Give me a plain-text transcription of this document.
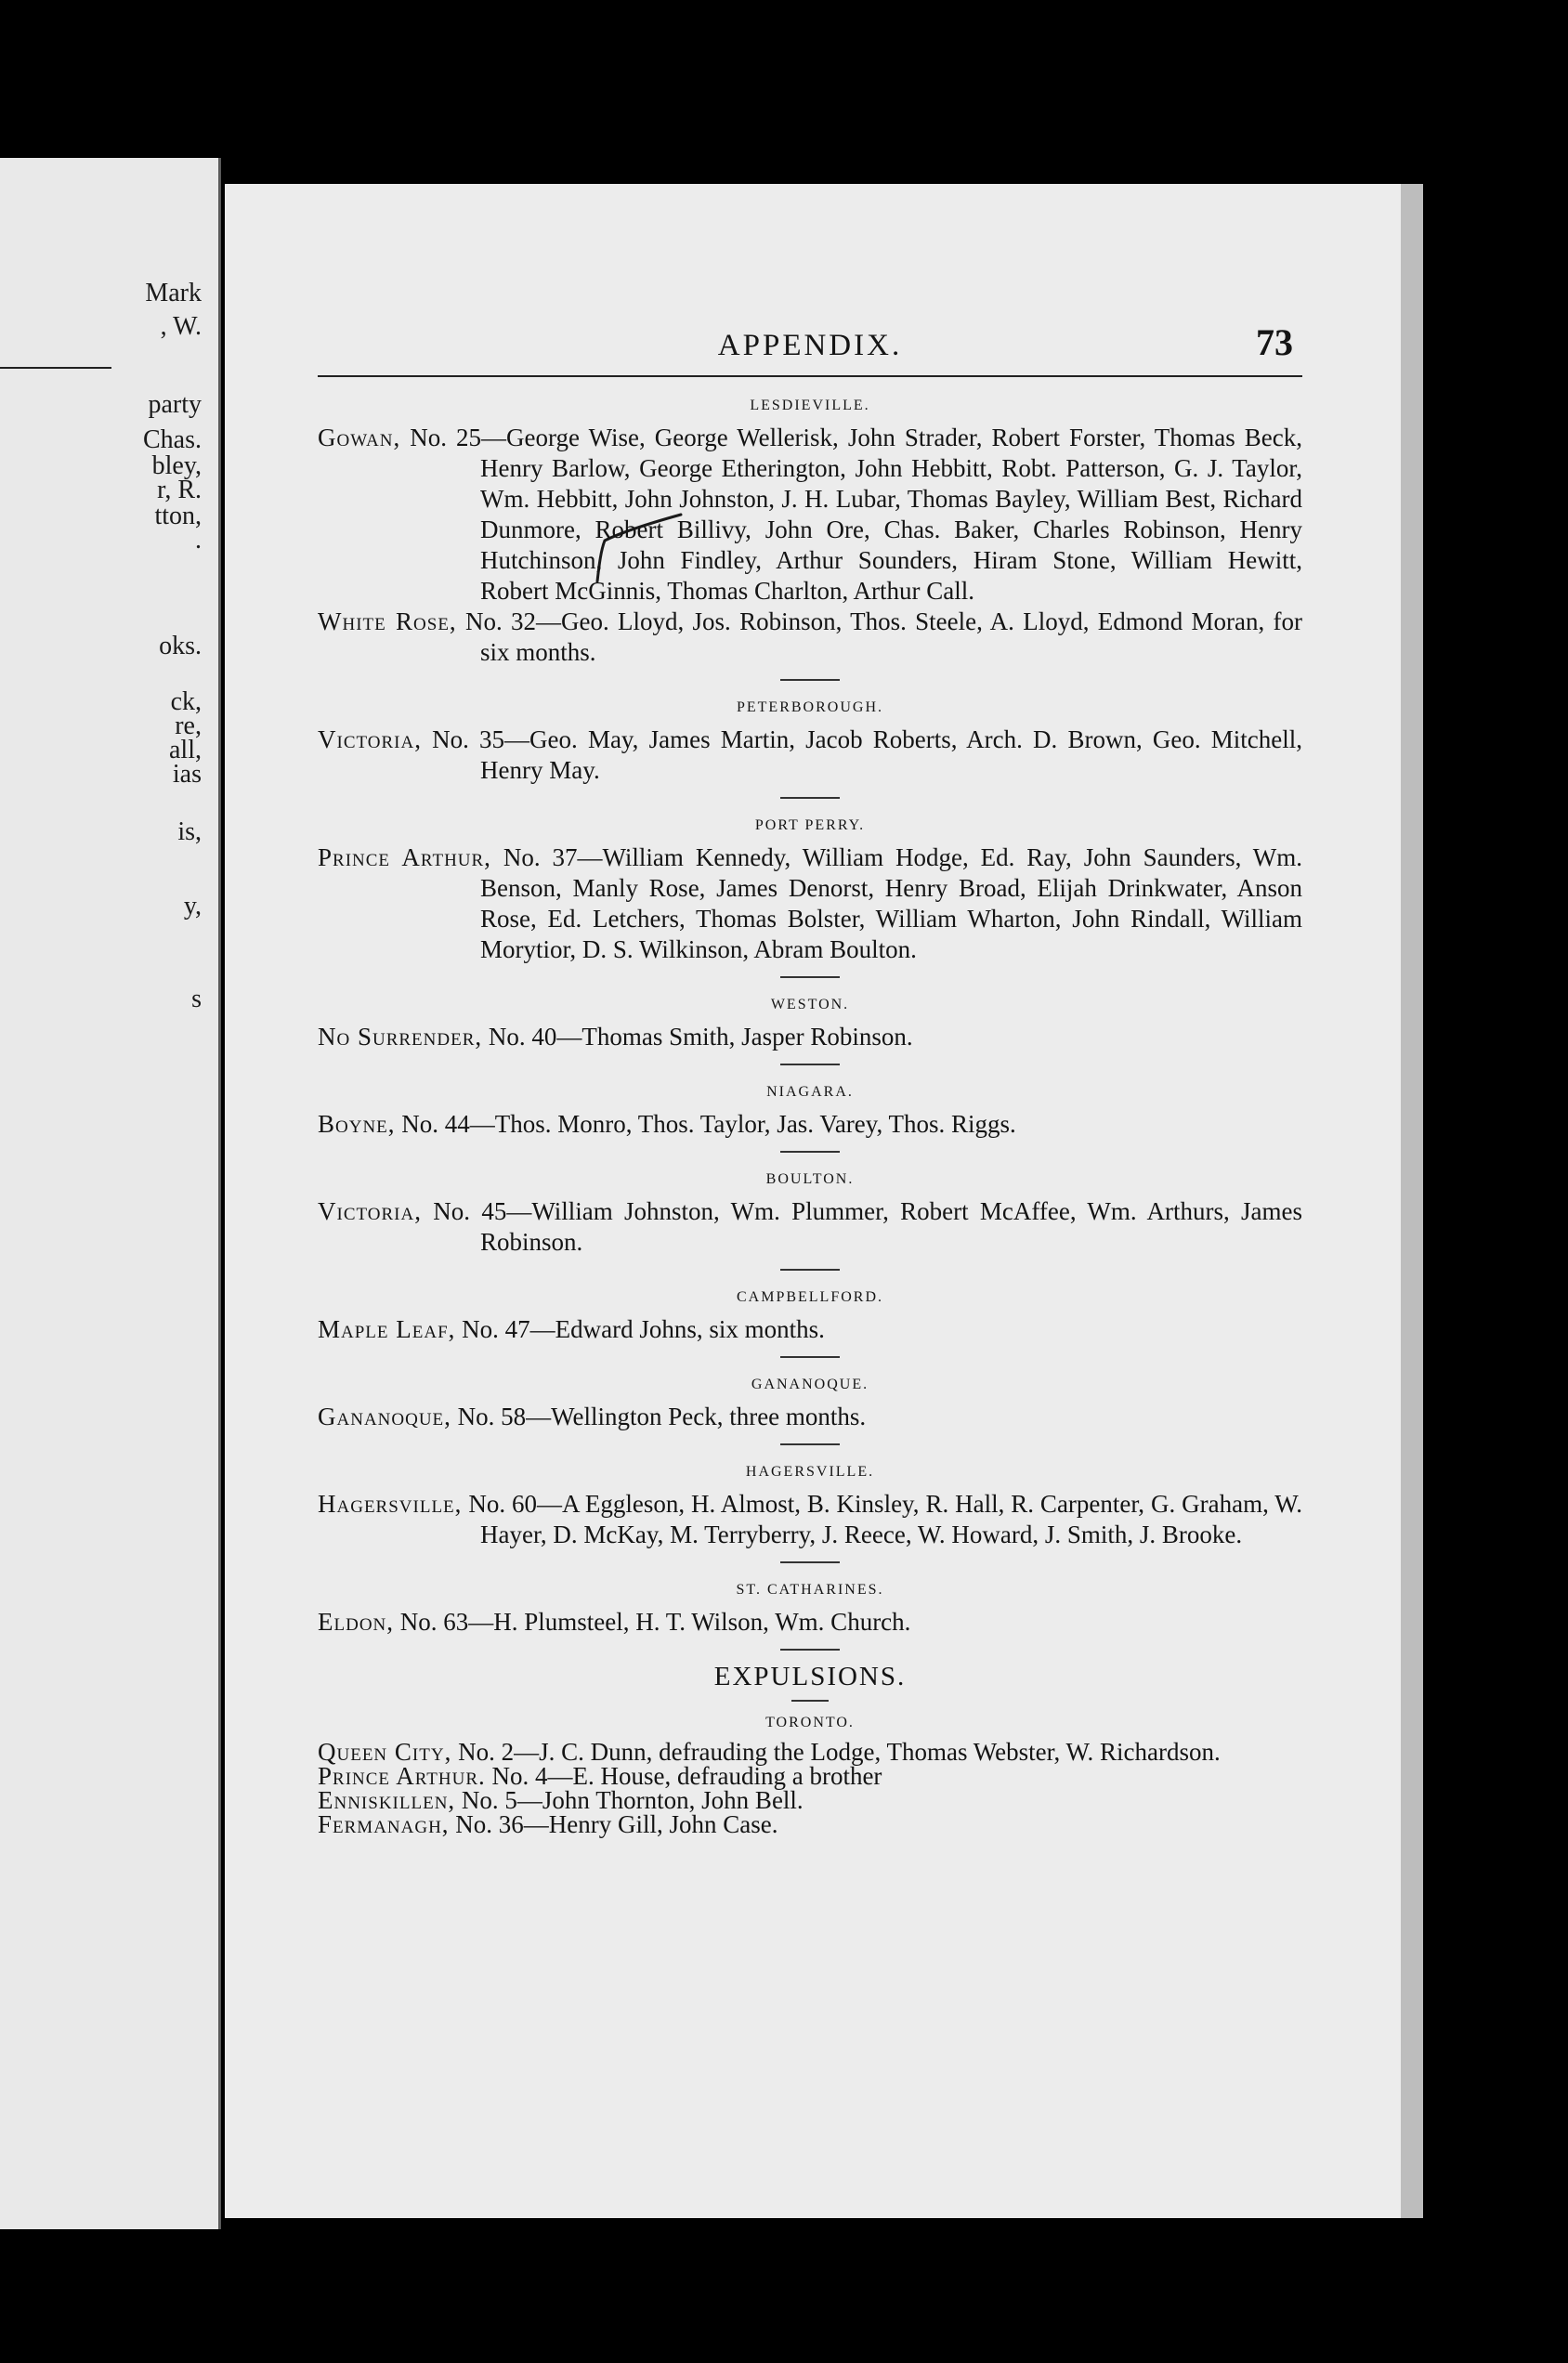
Mark
, W.
party
Chas.
bley,
r, R.
tton,
.
oks.
ck,
re,
all,
ias
is,
y,
s
APPENDIX.	73
LESDIEVILLE.
Gowan, No. 25—George Wise, George Wellerisk, John Strader, Robert Forster, Thomas Beck, Henry Barlow, George Etherington, John Hebbitt, Robt. Patterson, G. J. Taylor, Wm. Hebbitt, John Johnston, J. H. Lubar, Thomas Bayley, William Best, Richard Dunmore, Robert Billivy, John Ore, Chas. Baker, Charles Robinson, Henry Hutchinson, John Findley, Arthur Sounders, Hiram Stone, William Hewitt, Robert McGinnis, Thomas Charlton, Arthur Call.
White Rose, No. 32—Geo. Lloyd, Jos. Robinson, Thos. Steele, A. Lloyd, Edmond Moran, for six months.
PETERBOROUGH.
Victoria, No. 35—Geo. May, James Martin, Jacob Roberts, Arch. D. Brown, Geo. Mitchell, Henry May.
PORT PERRY.
Prince Arthur, No. 37—William Kennedy, William Hodge, Ed. Ray, John Saunders, Wm. Benson, Manly Rose, James Denorst, Henry Broad, Elijah Drinkwater, Anson Rose, Ed. Letchers, Thomas Bolster, William Wharton, John Rindall, William Morytior, D. S. Wilkinson, Abram Boulton.
WESTON.
No Surrender, No. 40—Thomas Smith, Jasper Robinson.
NIAGARA.
Boyne, No. 44—Thos. Monro, Thos. Taylor, Jas. Varey, Thos. Riggs.
BOULTON.
Victoria, No. 45—William Johnston, Wm. Plummer, Robert McAffee, Wm. Arthurs, James Robinson.
CAMPBELLFORD.
Maple Leaf, No. 47—Edward Johns, six months.
GANANOQUE.
Gananoque, No. 58—Wellington Peck, three months.
HAGERSVILLE.
Hagersville, No. 60—A Eggleson, H. Almost, B. Kinsley, R. Hall, R. Carpenter, G. Graham, W. Hayer, D. McKay, M. Terryberry, J. Reece, W. Howard, J. Smith, J. Brooke.
ST. CATHARINES.
Eldon, No. 63—H. Plumsteel, H. T. Wilson, Wm. Church.
EXPULSIONS.
TORONTO.
Queen City, No. 2—J. C. Dunn, defrauding the Lodge, Thomas Webster, W. Richardson.
Prince Arthur. No. 4—E. House, defrauding a brother
Enniskillen, No. 5—John Thornton, John Bell.
Fermanagh, No. 36—Henry Gill, John Case.
